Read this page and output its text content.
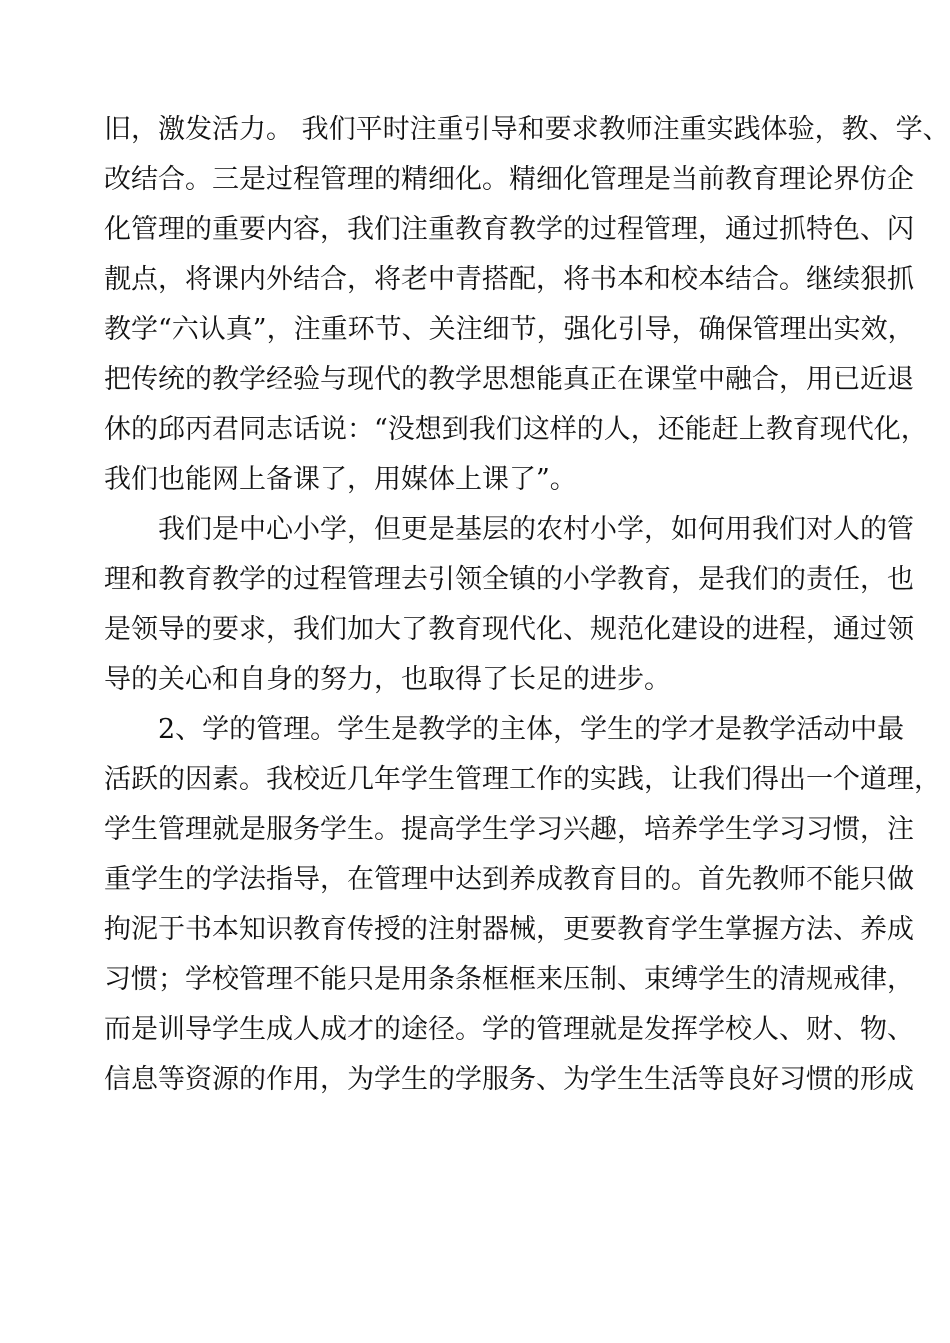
旧，激发活力。 我们平时注重引导和要求教师注重实践体验，教、学、
改结合。三是过程管理的精细化。精细化管理是当前教育理论界仿企
化管理的重要内容，我们注重教育教学的过程管理，通过抓特色、闪
靓点，将课内外结合，将老中青搭配，将书本和校本结合。继续狠抓
教学“六认真”，注重环节、关注细节，强化引导，确保管理出实效，
把传统的教学经验与现代的教学思想能真正在课堂中融合，用已近退
休的邱丙君同志话说：“没想到我们这样的人，还能赶上教育现代化，
我们也能网上备课了，用媒体上课了”。
我们是中心小学，但更是基层的农村小学，如何用我们对人的管
理和教育教学的过程管理去引领全镇的小学教育，是我们的责任，也
是领导的要求，我们加大了教育现代化、规范化建设的进程，通过领
导的关心和自身的努力，也取得了长足的进步。
2、学的管理。学生是教学的主体，学生的学才是教学活动中最
活跃的因素。我校近几年学生管理工作的实践，让我们得出一个道理，
学生管理就是服务学生。提高学生学习兴趣，培养学生学习习惯，注
重学生的学法指导，在管理中达到养成教育目的。首先教师不能只做
拘泥于书本知识教育传授的注射器械，更要教育学生掌握方法、养成
习惯；学校管理不能只是用条条框框来压制、束缚学生的清规戒律，
而是训导学生成人成才的途径。学的管理就是发挥学校人、财、物、
信息等资源的作用，为学生的学服务、为学生生活等良好习惯的形成
